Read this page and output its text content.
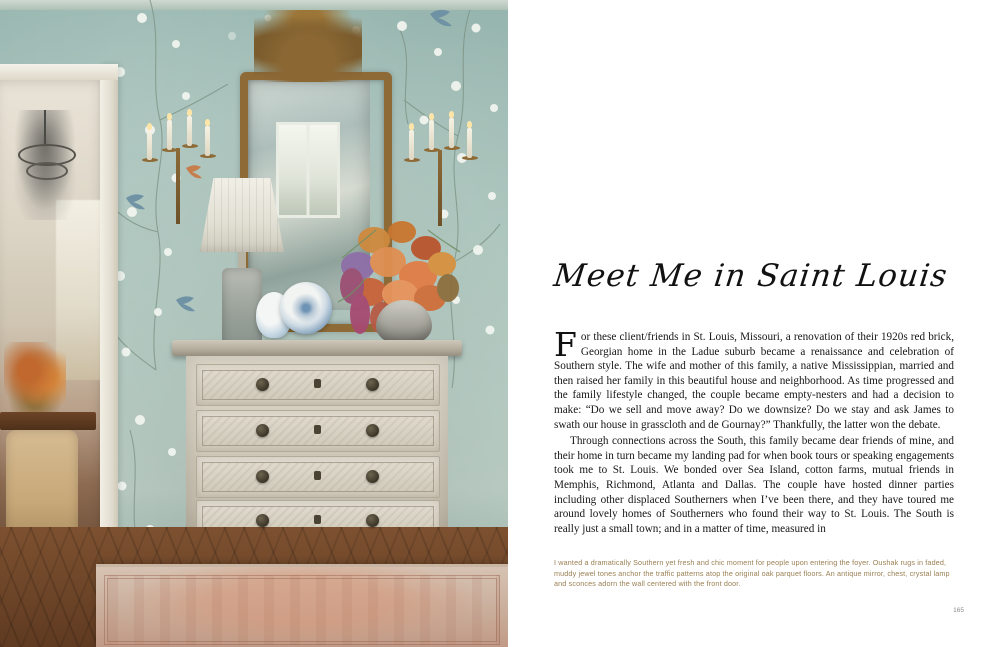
Meet Me in Saint Louis

For these client/friends in St. Louis, Missouri, a renovation of their 1920s red brick, Georgian home in the Ladue suburb became a renaissance and celebration of Southern style. The wife and mother of this family, a native Mississippian, married and then raised her family in this beautiful house and neighborhood. As time progressed and the family lifestyle changed, the couple became empty-nesters and had a decision to make: “Do we sell and move away? Do we downsize? Do we stay and ask James to swath our house in grasscloth and de Gournay?” Thankfully, the latter won the debate.

Through connections across the South, this family became dear friends of mine, and their home in turn became my landing pad for when book tours or speaking engagements took me to St. Louis. We bonded over Sea Island, cotton farms, mutual friends in Memphis, Richmond, Atlanta and Dallas. The couple have hosted dinner parties including other displaced Southerners when I’ve been there, and they have toured me around lovely homes of Southerners who found their way to St. Louis. The South is really just a small town; and in a matter of time, measured in

I wanted a dramatically Southern yet fresh and chic moment for people upon entering the foyer. Oushak rugs in faded, muddy jewel tones anchor the traffic patterns atop the original oak parquet floors. An antique mirror, chest, crystal lamp and sconces adorn the wall centered with the front door.
165
